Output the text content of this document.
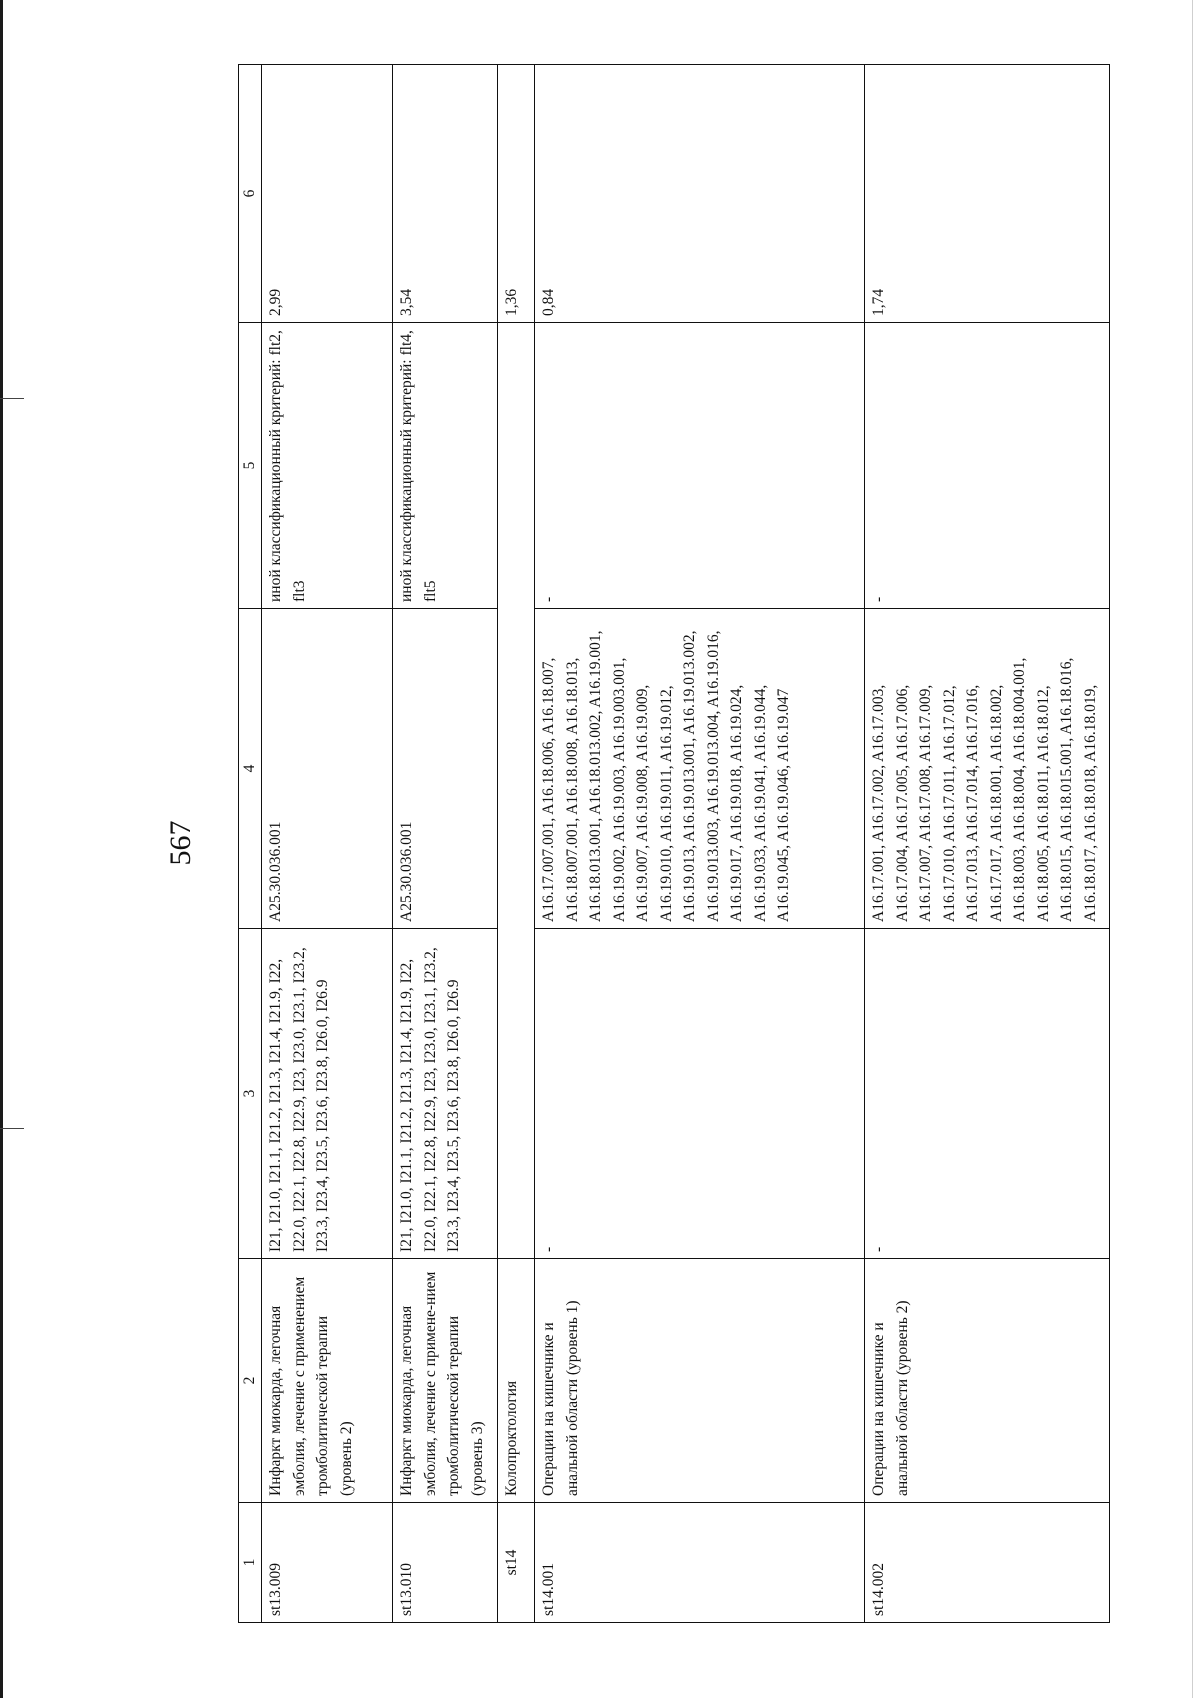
567
1	2	3	4	5	6
st13.009	Инфаркт миокарда, легочная эмболия, лечение с применением тромболитической терапии (уровень 2)	I21, I21.0, I21.1, I21.2, I21.3, I21.4, I21.9, I22, I22.0, I22.1, I22.8, I22.9, I23, I23.0, I23.1, I23.2, I23.3, I23.4, I23.5, I23.6, I23.8, I26.0, I26.9	A25.30.036.001	иной классификационный критерий: flt2, flt3	2,99
st13.010	Инфаркт миокарда, легочная эмболия, лечение с примене-нием тромболитической терапии (уровень 3)	I21, I21.0, I21.1, I21.2, I21.3, I21.4, I21.9, I22, I22.0, I22.1, I22.8, I22.9, I23, I23.0, I23.1, I23.2, I23.3, I23.4, I23.5, I23.6, I23.8, I26.0, I26.9	A25.30.036.001	иной классификационный критерий: flt4, flt5	3,54
st14	Колопроктология				1,36
st14.001	Операции на кишечнике и анальной области (уровень 1)	-	A16.17.007.001, A16.18.006, A16.18.007, A16.18.007.001, A16.18.008, A16.18.013, A16.18.013.001, A16.18.013.002, A16.19.001, A16.19.002, A16.19.003, A16.19.003.001, A16.19.007, A16.19.008, A16.19.009, A16.19.010, A16.19.011, A16.19.012, A16.19.013, A16.19.013.001, A16.19.013.002, A16.19.013.003, A16.19.013.004, A16.19.016, A16.19.017, A16.19.018, A16.19.024, A16.19.033, A16.19.041, A16.19.044, A16.19.045, A16.19.046, A16.19.047	-	0,84
st14.002	Операции на кишечнике и анальной области (уровень 2)	-	A16.17.001, A16.17.002, A16.17.003, A16.17.004, A16.17.005, A16.17.006, A16.17.007, A16.17.008, A16.17.009, A16.17.010, A16.17.011, A16.17.012, A16.17.013, A16.17.014, A16.17.016, A16.17.017, A16.18.001, A16.18.002, A16.18.003, A16.18.004, A16.18.004.001, A16.18.005, A16.18.011, A16.18.012, A16.18.015, A16.18.015.001, A16.18.016, A16.18.017, A16.18.018, A16.18.019,	-	1,74
